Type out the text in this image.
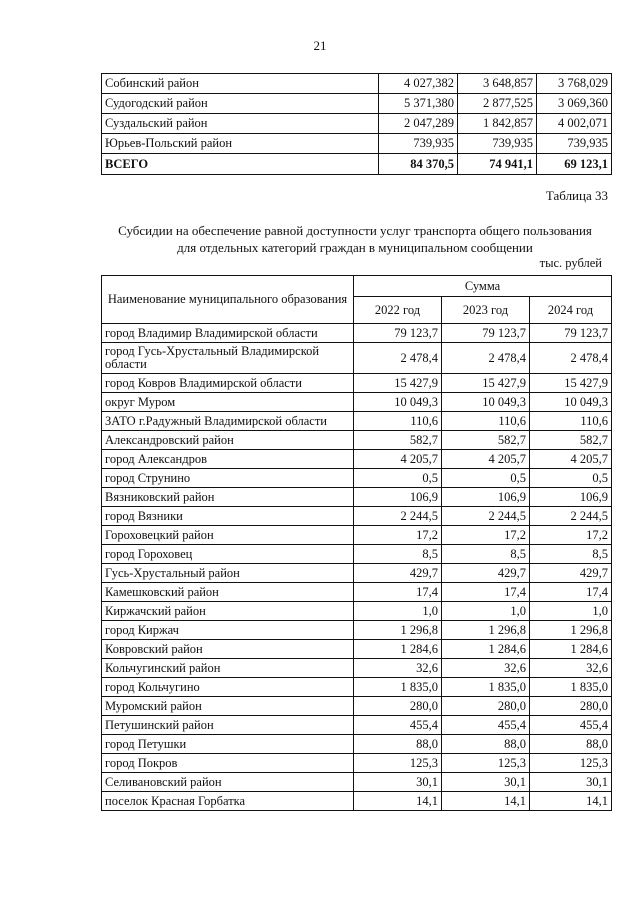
21
Собинский район	4 027,382	3 648,857	3 768,029
Судогодский район	5 371,380	2 877,525	3 069,360
Суздальский район	2 047,289	1 842,857	4 002,071
Юрьев-Польский район	739,935	739,935	739,935
ВСЕГО	84 370,5	74 941,1	69 123,1
Таблица 33
Субсидии на обеспечение равной доступности услуг транспорта общего пользования
для отдельных категорий граждан в муниципальном сообщении
тыс. рублей
Наименование муниципального образования	Сумма		
	2022 год	2023 год	2024 год
город Владимир Владимирской области	79 123,7	79 123,7	79 123,7
город Гусь-Хрустальный Владимирской области	2 478,4	2 478,4	2 478,4
город Ковров Владимирской области	15 427,9	15 427,9	15 427,9
округ Муром	10 049,3	10 049,3	10 049,3
ЗАТО г.Радужный Владимирской области	110,6	110,6	110,6
Александровский район	582,7	582,7	582,7
город Александров	4 205,7	4 205,7	4 205,7
город Струнино	0,5	0,5	0,5
Вязниковский район	106,9	106,9	106,9
город Вязники	2 244,5	2 244,5	2 244,5
Гороховецкий район	17,2	17,2	17,2
город Гороховец	8,5	8,5	8,5
Гусь-Хрустальный район	429,7	429,7	429,7
Камешковский район	17,4	17,4	17,4
Киржачский район	1,0	1,0	1,0
город Киржач	1 296,8	1 296,8	1 296,8
Ковровский район	1 284,6	1 284,6	1 284,6
Кольчугинский район	32,6	32,6	32,6
город Кольчугино	1 835,0	1 835,0	1 835,0
Муромский район	280,0	280,0	280,0
Петушинский район	455,4	455,4	455,4
город Петушки	88,0	88,0	88,0
город Покров	125,3	125,3	125,3
Селивановский район	30,1	30,1	30,1
поселок Красная Горбатка	14,1	14,1	14,1
